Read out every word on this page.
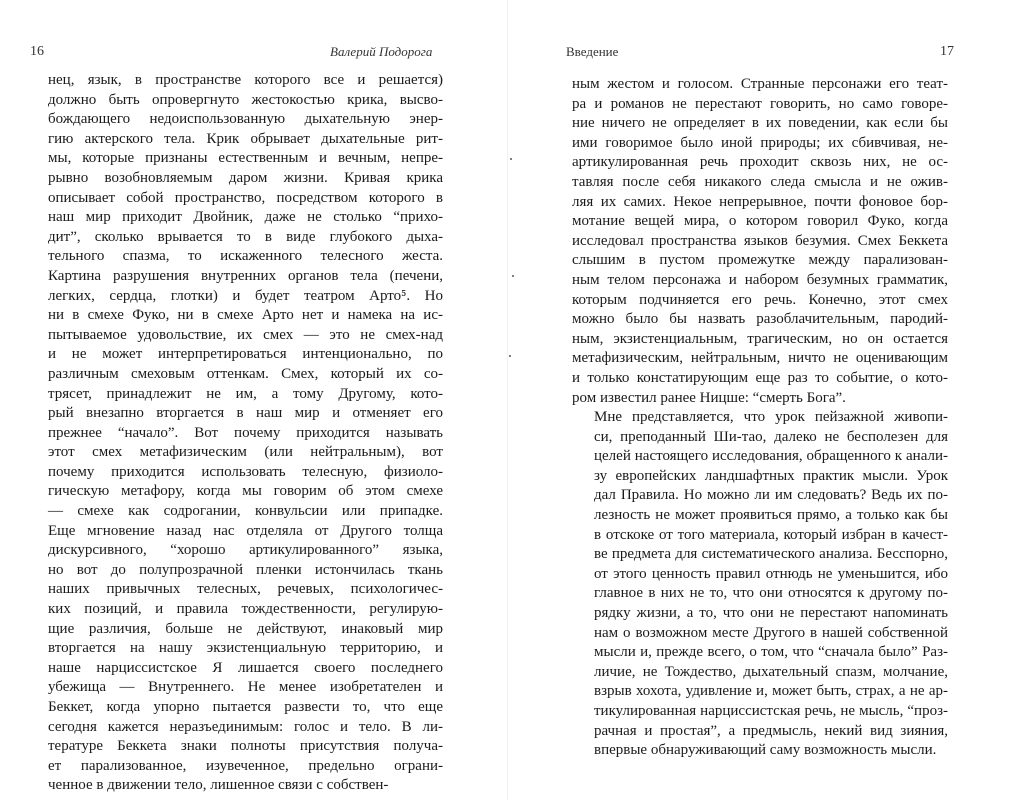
16	Валерий Подорога

нец, язык, в пространстве которого все и решается)
должно быть опровергнуто жестокостью крика, высво-
бождающего недоиспользованную дыхательную энер-
гию актерского тела. Крик обрывает дыхательные рит-
мы, которые признаны естественным и вечным, непре-
рывно возобновляемым даром жизни. Кривая крика
описывает собой пространство, посредством которого в
наш мир приходит Двойник, даже не столько “прихо-
дит”, сколько врывается то в виде глубокого дыха-
тельного спазма, то искаженного телесного жеста.
Картина разрушения внутренних органов тела (печени,
легких, сердца, глотки) и будет театром Арто⁵. Но
ни в смехе Фуко, ни в смехе Арто нет и намека на ис-
пытываемое удовольствие, их смех — это не смех-над
и не может интерпретироваться интенционально, по
различным смеховым оттенкам. Смех, который их со-
трясет, принадлежит не им, а тому Другому, кото-
рый внезапно вторгается в наш мир и отменяет его
прежнее “начало”. Вот почему приходится называть
этот смех метафизическим (или нейтральным), вот
почему приходится использовать телесную, физиоло-
гическую метафору, когда мы говорим об этом смехе
— смехе как содрогании, конвульсии или припадке.
Еще мгновение назад нас отделяла от Другого толща
дискурсивного, “хорошо артикулированного” языка,
но вот до полупрозрачной пленки истончилась ткань
наших привычных телесных, речевых, психологичес-
ких позиций, и правила тождественности, регулирую-
щие различия, больше не действуют, инаковый мир
вторгается на нашу экзистенциальную территорию, и
наше нарциссистское Я лишается своего последнего
убежища — Внутреннего. Не менее изобретателен и
Беккет, когда упорно пытается развести то, что еще
сегодня кажется неразъединимым: голос и тело. В ли-
тературе Беккета знаки полноты присутствия получа-
ет парализованное, изувеченное, предельно ограни-
ченное в движении тело, лишенное связи с собствен-

Введение	17

ным жестом и голосом. Странные персонажи его теат-
ра и романов не перестают говорить, но само говоре-
ние ничего не определяет в их поведении, как если бы
ими говоримое было иной природы; их сбивчивая, не-
артикулированная речь проходит сквозь них, не ос-
тавляя после себя никакого следа смысла и не ожив-
ляя их самих. Некое непрерывное, почти фоновое бор-
мотание вещей мира, о котором говорил Фуко, когда
исследовал пространства языков безумия. Смех Беккета
слышим в пустом промежутке между парализован-
ным телом персонажа и набором безумных грамматик,
которым подчиняется его речь. Конечно, этот смех
можно было бы назвать разоблачительным, пародий-
ным, экзистенциальным, трагическим, но он остается
метафизическим, нейтральным, ничто не оценивающим
и только констатирующим еще раз то событие, о кото-
ром известил ранее Ницше: “смерть Бога”.

Мне представляется, что урок пейзажной живопи-
си, преподанный Ши-тао, далеко не бесполезен для
целей настоящего исследования, обращенного к анали-
зу европейских ландшафтных практик мысли. Урок
дал Правила. Но можно ли им следовать? Ведь их по-
лезность не может проявиться прямо, а только как бы
в отскоке от того материала, который избран в качест-
ве предмета для систематического анализа. Бесспорно,
от этого ценность правил отнюдь не уменьшится, ибо
главное в них не то, что они относятся к другому по-
рядку жизни, а то, что они не перестают напоминать
нам о возможном месте Другого в нашей собственной
мысли и, прежде всего, о том, что “сначала было” Раз-
личие, не Тождество, дыхательный спазм, молчание,
взрыв хохота, удивление и, может быть, страх, а не ар-
тикулированная нарциссистская речь, не мысль, “проз-
рачная и простая”, а предмысль, некий вид зияния,
впервые обнаруживающий саму возможность мысли.
